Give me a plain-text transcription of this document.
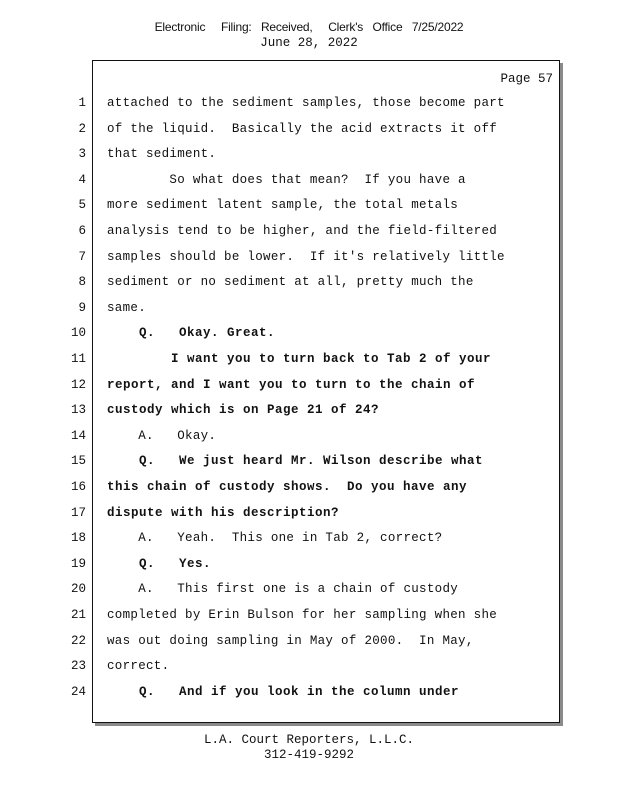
Electronic     Filing:   Received,     Clerk's   Office   7/25/2022
June 28, 2022
Page 57
1 attached to the sediment samples, those become part
2 of the liquid.  Basically the acid extracts it off
3 that sediment.
4 So what does that mean?  If you have a
5 more sediment latent sample, the total metals
6 analysis tend to be higher, and the field-filtered
7 samples should be lower.  If it's relatively little
8 sediment or no sediment at all, pretty much the
9 same.
10 Q.   Okay. Great.
11 I want you to turn back to Tab 2 of your
12 report, and I want you to turn to the chain of
13 custody which is on Page 21 of 24?
14 A.   Okay.
15 Q.   We just heard Mr. Wilson describe what
16 this chain of custody shows.  Do you have any
17 dispute with his description?
18 A.   Yeah.  This one in Tab 2, correct?
19 Q.   Yes.
20 A.   This first one is a chain of custody
21 completed by Erin Bulson for her sampling when she
22 was out doing sampling in May of 2000.  In May,
23 correct.
24 Q.   And if you look in the column under
L.A. Court Reporters, L.L.C.
312-419-9292
